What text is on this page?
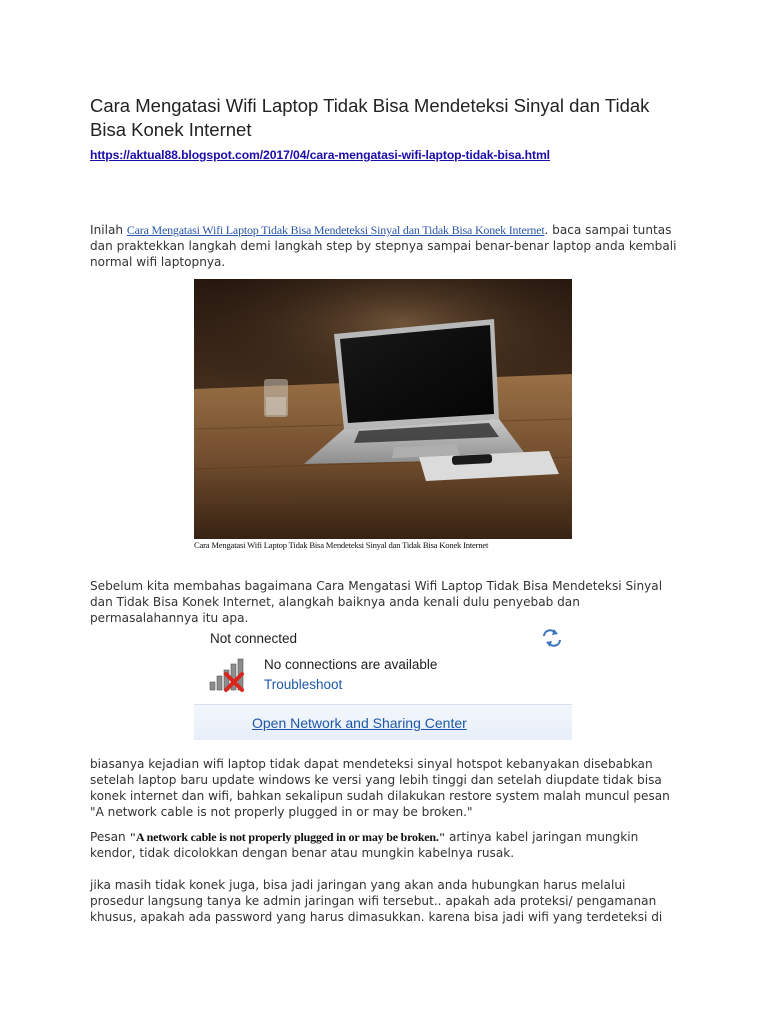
Cara Mengatasi Wifi Laptop Tidak Bisa Mendeteksi Sinyal dan Tidak Bisa Konek Internet
https://aktual88.blogspot.com/2017/04/cara-mengatasi-wifi-laptop-tidak-bisa.html

Inilah Cara Mengatasi Wifi Laptop Tidak Bisa Mendeteksi Sinyal dan Tidak Bisa Konek Internet. baca sampai tuntas dan praktekkan langkah demi langkah step by stepnya sampai benar-benar laptop anda kembali normal wifi laptopnya.

Cara Mengatasi Wifi Laptop Tidak Bisa Mendeteksi Sinyal dan Tidak Bisa Konek Internet

Sebelum kita membahas bagaimana Cara Mengatasi Wifi Laptop Tidak Bisa Mendeteksi Sinyal dan Tidak Bisa Konek Internet, alangkah baiknya anda kenali dulu penyebab dan permasalahannya itu apa.

Not connected
No connections are available
Troubleshoot
Open Network and Sharing Center

biasanya kejadian wifi laptop tidak dapat mendeteksi sinyal hotspot kebanyakan disebabkan setelah laptop baru update windows ke versi yang lebih tinggi dan setelah diupdate tidak bisa konek internet dan wifi, bahkan sekalipun sudah dilakukan restore system malah muncul pesan "A network cable is not properly plugged in or may be broken."

Pesan "A network cable is not properly plugged in or may be broken." artinya kabel jaringan mungkin kendor, tidak dicolokkan dengan benar atau mungkin kabelnya rusak.

jika masih tidak konek juga, bisa jadi jaringan yang akan anda hubungkan harus melalui prosedur langsung tanya ke admin jaringan wifi tersebut.. apakah ada proteksi/ pengamanan khusus, apakah ada password yang harus dimasukkan. karena bisa jadi wifi yang terdeteksi di
